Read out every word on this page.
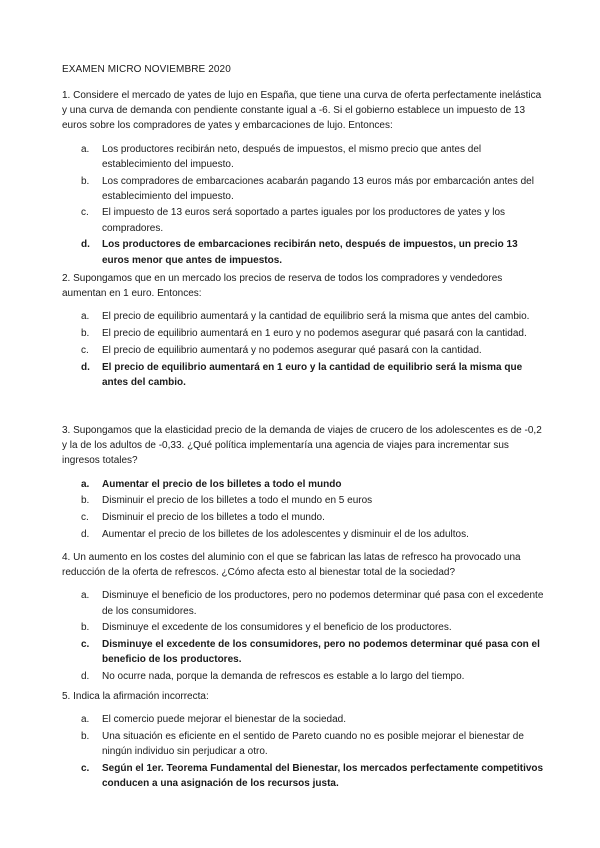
EXAMEN MICRO NOVIEMBRE 2020

1. Considere el mercado de yates de lujo en España, que tiene una curva de oferta perfectamente inelástica y una curva de demanda con pendiente constante igual a -6. Si el gobierno establece un impuesto de 13 euros sobre los compradores de yates y embarcaciones de lujo. Entonces:

a. Los productores recibirán neto, después de impuestos, el mismo precio que antes del establecimiento del impuesto.
b. Los compradores de embarcaciones acabarán pagando 13 euros más por embarcación antes del establecimiento del impuesto.
c. El impuesto de 13 euros será soportado a partes iguales por los productores de yates y los compradores.
d. Los productores de embarcaciones recibirán neto, después de impuestos, un precio 13 euros menor que antes de impuestos.

2. Supongamos que en un mercado los precios de reserva de todos los compradores y vendedores aumentan en 1 euro. Entonces:

a. El precio de equilibrio aumentará y la cantidad de equilibrio será la misma que antes del cambio.
b. El precio de equilibrio aumentará en 1 euro y no podemos asegurar qué pasará con la cantidad.
c. El precio de equilibrio aumentará y no podemos asegurar qué pasará con la cantidad.
d. El precio de equilibrio aumentará en 1 euro y la cantidad de equilibrio será la misma que antes del cambio.

3. Supongamos que la elasticidad precio de la demanda de viajes de crucero de los adolescentes es de -0,2 y la de los adultos de -0,33. ¿Qué política implementaría una agencia de viajes para incrementar sus ingresos totales?

a. Aumentar el precio de los billetes a todo el mundo
b. Disminuir el precio de los billetes a todo el mundo en 5 euros
c. Disminuir el precio de los billetes a todo el mundo.
d. Aumentar el precio de los billetes de los adolescentes y disminuir el de los adultos.

4. Un aumento en los costes del aluminio con el que se fabrican las latas de refresco ha provocado una reducción de la oferta de refrescos. ¿Cómo afecta esto al bienestar total de la sociedad?

a. Disminuye el beneficio de los productores, pero no podemos determinar qué pasa con el excedente de los consumidores.
b. Disminuye el excedente de los consumidores y el beneficio de los productores.
c. Disminuye el excedente de los consumidores, pero no podemos determinar qué pasa con el beneficio de los productores.
d. No ocurre nada, porque la demanda de refrescos es estable a lo largo del tiempo.

5. Indica la afirmación incorrecta:

a. El comercio puede mejorar el bienestar de la sociedad.
b. Una situación es eficiente en el sentido de Pareto cuando no es posible mejorar el bienestar de ningún individuo sin perjudicar a otro.
c. Según el 1er. Teorema Fundamental del Bienestar, los mercados perfectamente competitivos conducen a una asignación de los recursos justa.
